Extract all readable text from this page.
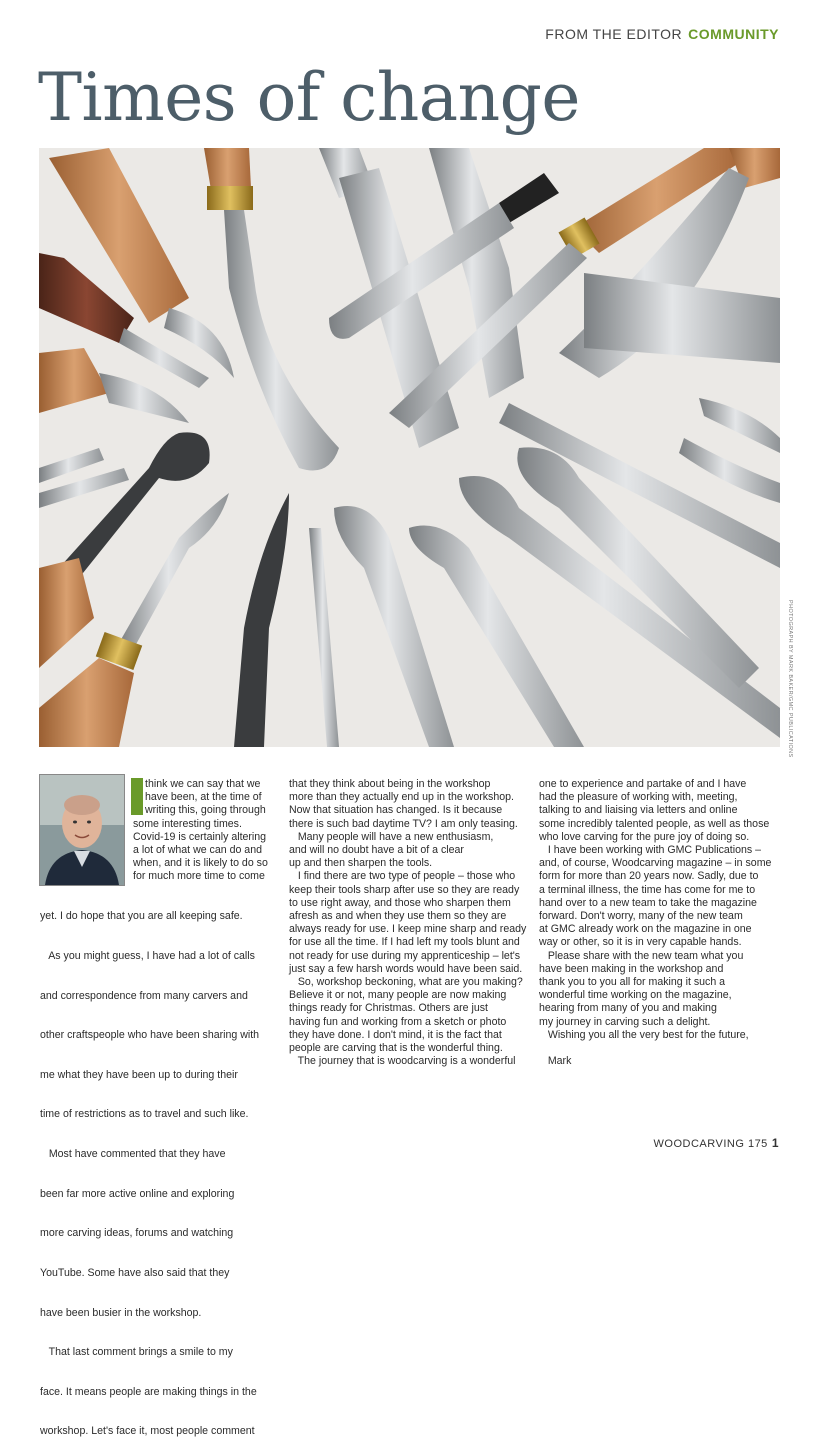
FROM THE EDITOR COMMUNITY
Times of change
PHOTOGRAPH BY MARK BAKER/GMC PUBLICATIONS

think we can say that we

have been, at the time of

writing this, going through

some interesting times.

Covid-19 is certainly altering

a lot of what we can do and

when, and it is likely to do so

for much more time to come

yet. I do hope that you are all keeping safe.

As you might guess, I have had a lot of calls

and correspondence from many carvers and

other craftspeople who have been sharing with

me what they have been up to during their

time of restrictions as to travel and such like.

Most have commented that they have

been far more active online and exploring

more carving ideas, forums and watching

YouTube. Some have also said that they

have been busier in the workshop.

That last comment brings a smile to my

face. It means people are making things in the

workshop. Let's face it, most people comment

that they think about being in the workshop

more than they actually end up in the workshop.

Now that situation has changed. Is it because

there is such bad daytime TV? I am only teasing.

Many people will have a new enthusiasm,

and will no doubt have a bit of a clear

up and then sharpen the tools.

I find there are two type of people – those who

keep their tools sharp after use so they are ready

to use right away, and those who sharpen them

afresh as and when they use them so they are

always ready for use. I keep mine sharp and ready

for use all the time. If I had left my tools blunt and

not ready for use during my apprenticeship – let's

just say a few harsh words would have been said.

So, workshop beckoning, what are you making?

Believe it or not, many people are now making

things ready for Christmas. Others are just

having fun and working from a sketch or photo

they have done. I don't mind, it is the fact that

people are carving that is the wonderful thing.

The journey that is woodcarving is a wonderful

one to experience and partake of and I have

had the pleasure of working with, meeting,

talking to and liaising via letters and online

some incredibly talented people, as well as those

who love carving for the pure joy of doing so.

I have been working with GMC Publications –

and, of course, Woodcarving magazine – in some

form for more than 20 years now. Sadly, due to

a terminal illness, the time has come for me to

hand over to a new team to take the magazine

forward. Don't worry, many of the new team

at GMC already work on the magazine in one

way or other, so it is in very capable hands.

Please share with the new team what you

have been making in the workshop and

thank you to you all for making it such a

wonderful time working on the magazine,

hearing from many of you and making

my journey in carving such a delight.

Wishing you all the very best for the future,

Mark

WOODCARVING 175 1
